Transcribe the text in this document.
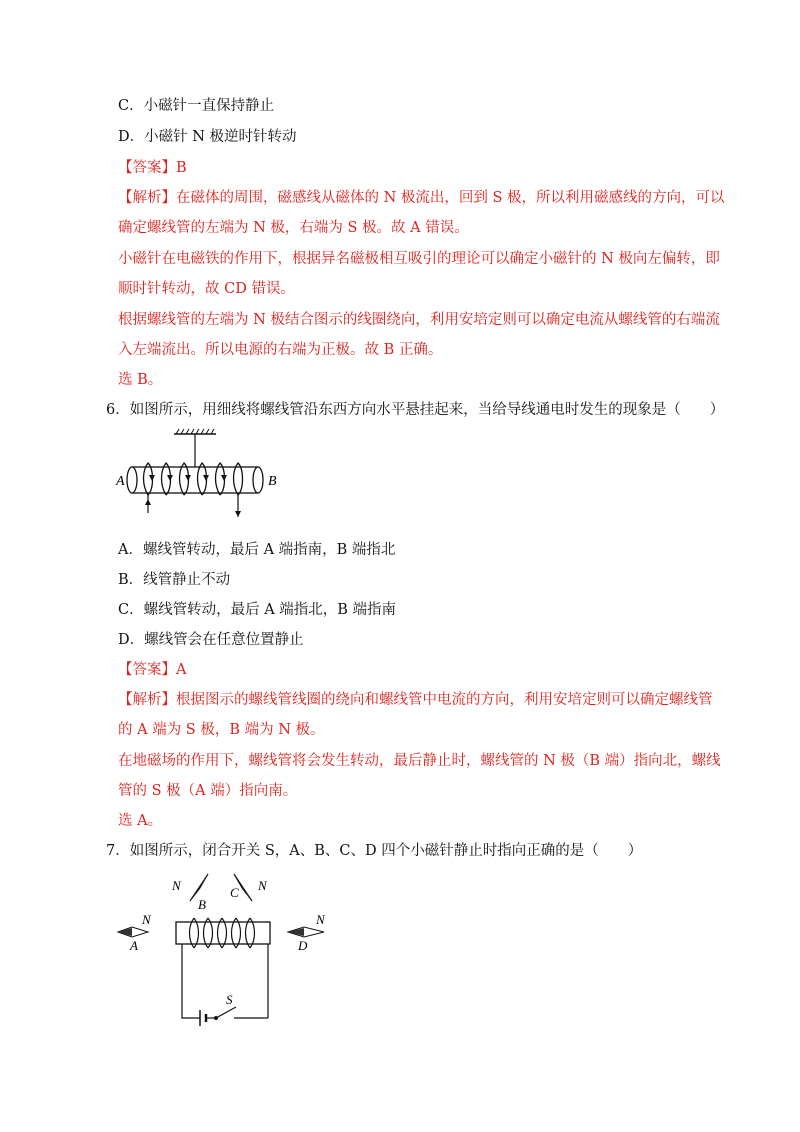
C．小磁针一直保持静止
D．小磁针 N 极逆时针转动
【答案】B
【解析】在磁体的周围，磁感线从磁体的 N 极流出，回到 S 极，所以利用磁感线的方向，可以
确定螺线管的左端为 N 极，右端为 S 极。故 A 错误。
小磁针在电磁铁的作用下，根据异名磁极相互吸引的理论可以确定小磁针的 N 极向左偏转，即
顺时针转动，故 CD 错误。
根据螺线管的左端为 N 极结合图示的线圈绕向，利用安培定则可以确定电流从螺线管的右端流
入左端流出。所以电源的右端为正极。故 B 正确。
选 B。
6．如图所示，用细线将螺线管沿东西方向水平悬挂起来，当给导线通电时发生的现象是（　　）
A	B
A．螺线管转动，最后 A 端指南，B 端指北
B．线管静止不动
C．螺线管转动，最后 A 端指北，B 端指南
D．螺线管会在任意位置静止
【答案】A
【解析】根据图示的螺线管线圈的绕向和螺线管中电流的方向，利用安培定则可以确定螺线管
的 A 端为 S 极，B 端为 N 极。
在地磁场的作用下，螺线管将会发生转动，最后静止时，螺线管的 N 极（B 端）指向北，螺线
管的 S 极（A 端）指向南。
选 A。
7．如图所示，闭合开关 S，A、B、C、D 四个小磁针静止时指向正确的是（　　）
N
B
C N
N
A
N
D
S
